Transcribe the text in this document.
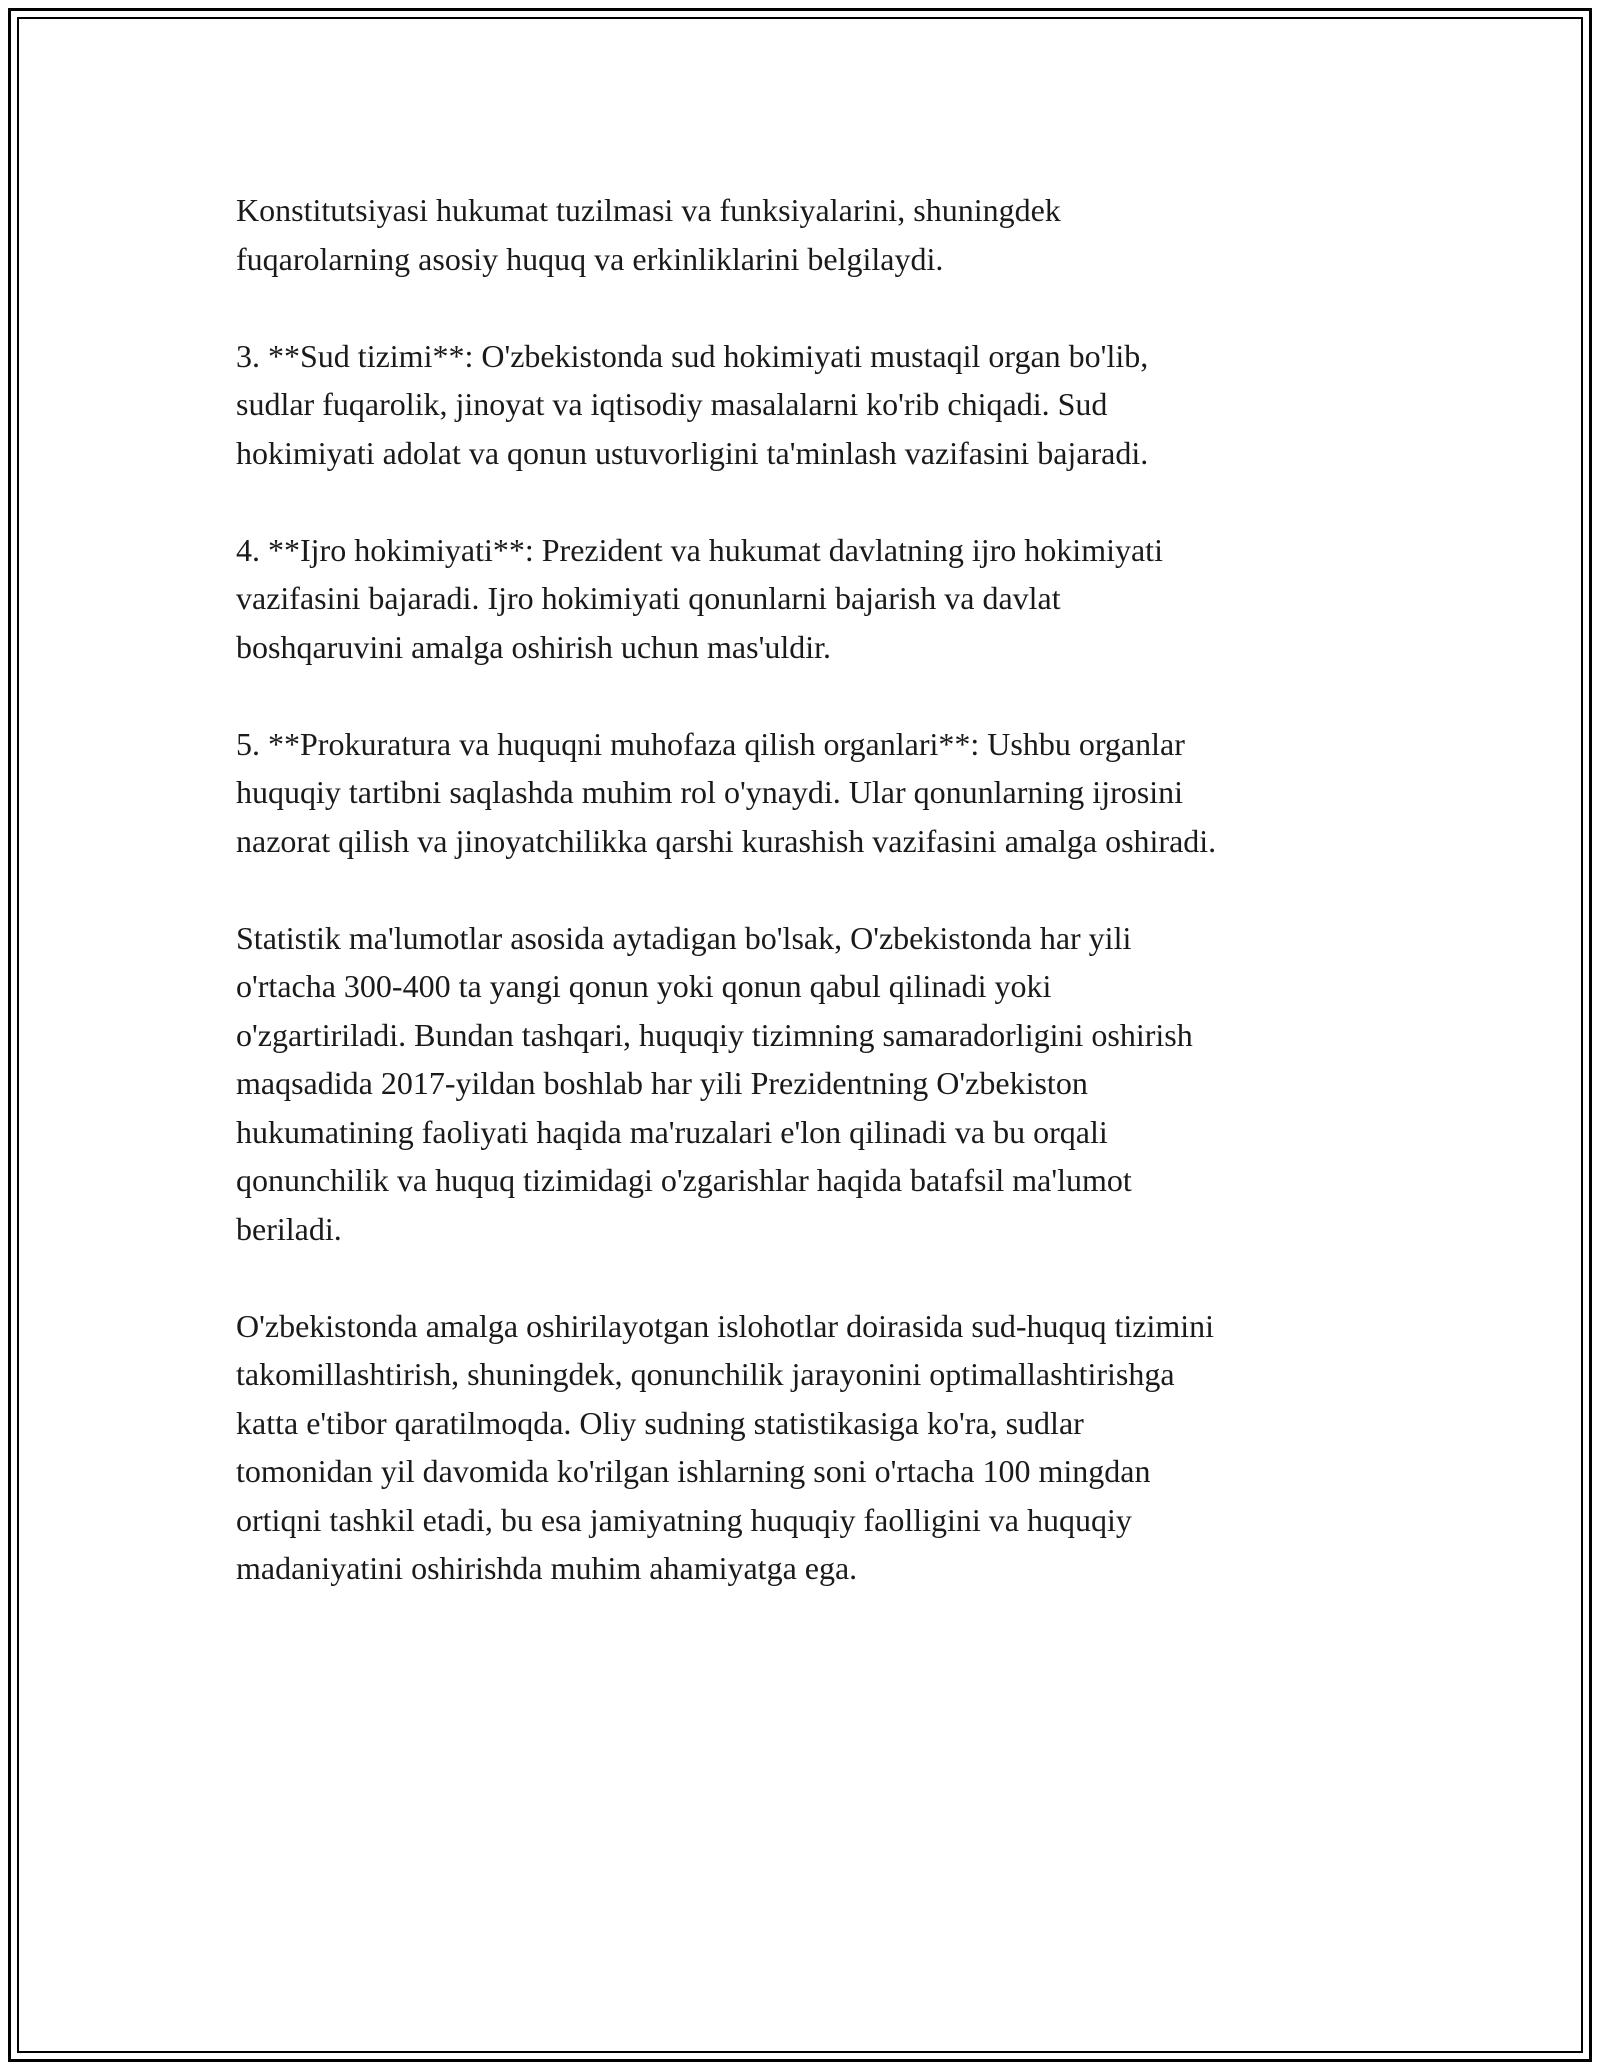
Konstitutsiyasi hukumat tuzilmasi va funksiyalarini, shuningdek
fuqarolarning asosiy huquq va erkinliklarini belgilaydi.

3. **Sud tizimi**: O'zbekistonda sud hokimiyati mustaqil organ bo'lib,
sudlar fuqarolik, jinoyat va iqtisodiy masalalarni ko'rib chiqadi. Sud
hokimiyati adolat va qonun ustuvorligini ta'minlash vazifasini bajaradi.

4. **Ijro hokimiyati**: Prezident va hukumat davlatning ijro hokimiyati
vazifasini bajaradi. Ijro hokimiyati qonunlarni bajarish va davlat
boshqaruvini amalga oshirish uchun mas'uldir.

5. **Prokuratura va huquqni muhofaza qilish organlari**: Ushbu organlar
huquqiy tartibni saqlashda muhim rol o'ynaydi. Ular qonunlarning ijrosini
nazorat qilish va jinoyatchilikka qarshi kurashish vazifasini amalga oshiradi.

Statistik ma'lumotlar asosida aytadigan bo'lsak, O'zbekistonda har yili
o'rtacha 300-400 ta yangi qonun yoki qonun qabul qilinadi yoki
o'zgartiriladi. Bundan tashqari, huquqiy tizimning samaradorligini oshirish
maqsadida 2017-yildan boshlab har yili Prezidentning O'zbekiston
hukumatining faoliyati haqida ma'ruzalari e'lon qilinadi va bu orqali
qonunchilik va huquq tizimidagi o'zgarishlar haqida batafsil ma'lumot
beriladi.

O'zbekistonda amalga oshirilayotgan islohotlar doirasida sud-huquq tizimini
takomillashtirish, shuningdek, qonunchilik jarayonini optimallashtirishga
katta e'tibor qaratilmoqda. Oliy sudning statistikasiga ko'ra, sudlar
tomonidan yil davomida ko'rilgan ishlarning soni o'rtacha 100 mingdan
ortiqni tashkil etadi, bu esa jamiyatning huquqiy faolligini va huquqiy
madaniyatini oshirishda muhim ahamiyatga ega.
